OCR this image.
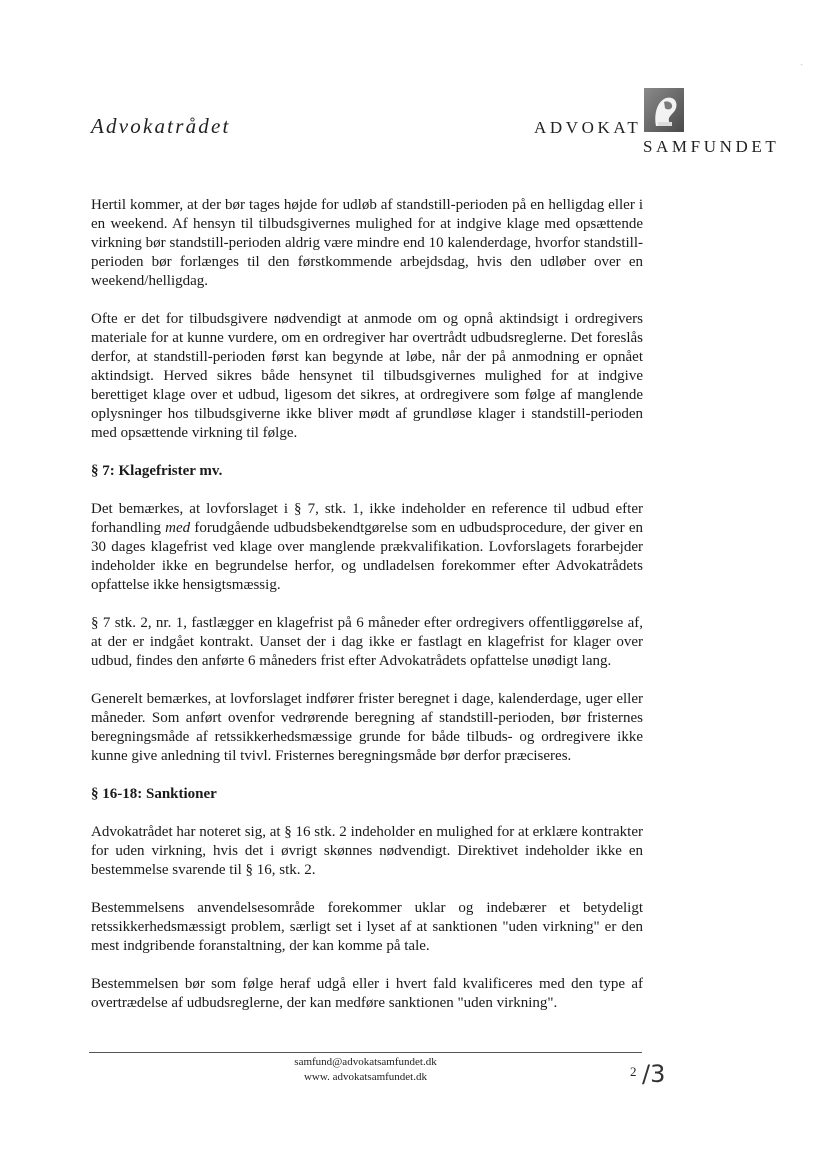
ˎ
Advokatrådet	ADVOKAT
SAMFUNDET

Hertil kommer, at der bør tages højde for udløb af standstill-perioden på en helligdag eller i en weekend. Af hensyn til tilbudsgivernes mulighed for at indgive klage med opsættende virkning bør standstill-perioden aldrig være mindre end 10 kalenderdage, hvorfor standstill-perioden bør forlænges til den førstkommende arbejdsdag, hvis den udløber over en weekend/helligdag.

Ofte er det for tilbudsgivere nødvendigt at anmode om og opnå aktindsigt i ordregivers materiale for at kunne vurdere, om en ordregiver har overtrådt udbudsreglerne. Det foreslås derfor, at standstill-perioden først kan begynde at løbe, når der på anmodning er opnået aktindsigt. Herved sikres både hensynet til tilbudsgivernes mulighed for at indgive berettiget klage over et udbud, ligesom det sikres, at ordregivere som følge af manglende oplysninger hos tilbudsgiverne ikke bliver mødt af grundløse klager i standstill-perioden med opsættende virkning til følge.

§ 7: Klagefrister mv.

Det bemærkes, at lovforslaget i § 7, stk. 1, ikke indeholder en reference til udbud efter forhandling med forudgående udbudsbekendtgørelse som en udbudsprocedure, der giver en 30 dages klagefrist ved klage over manglende prækvalifikation. Lovforslagets forarbejder indeholder ikke en begrundelse herfor, og undladelsen forekommer efter Advokatrådets opfattelse ikke hensigtsmæssig.

§ 7 stk. 2, nr. 1, fastlægger en klagefrist på 6 måneder efter ordregivers offentliggørelse af, at der er indgået kontrakt. Uanset der i dag ikke er fastlagt en klagefrist for klager over udbud, findes den anførte 6 måneders frist efter Advokatrådets opfattelse unødigt lang.

Generelt bemærkes, at lovforslaget indfører frister beregnet i dage, kalenderdage, uger eller måneder. Som anført ovenfor vedrørende beregning af standstill-perioden, bør fristernes beregningsmåde af retssikkerhedsmæssige grunde for både tilbuds- og ordregivere ikke kunne give anledning til tvivl. Fristernes beregningsmåde bør derfor præciseres.

§ 16-18: Sanktioner

Advokatrådet har noteret sig, at § 16 stk. 2 indeholder en mulighed for at erklære kontrakter for uden virkning, hvis det i øvrigt skønnes nødvendigt. Direktivet indeholder ikke en bestemmelse svarende til § 16, stk. 2.

Bestemmelsens anvendelsesområde forekommer uklar og indebærer et betydeligt retssikkerhedsmæssigt problem, særligt set i lyset af at sanktionen "uden virkning" er den mest indgribende foranstaltning, der kan komme på tale.

Bestemmelsen bør som følge heraf udgå eller i hvert fald kvalificeres med den type af overtrædelse af udbudsreglerne, der kan medføre sanktionen "uden virkning".

samfund@advokatsamfundet.dk
www. advokatsamfundet.dk	2 /3
